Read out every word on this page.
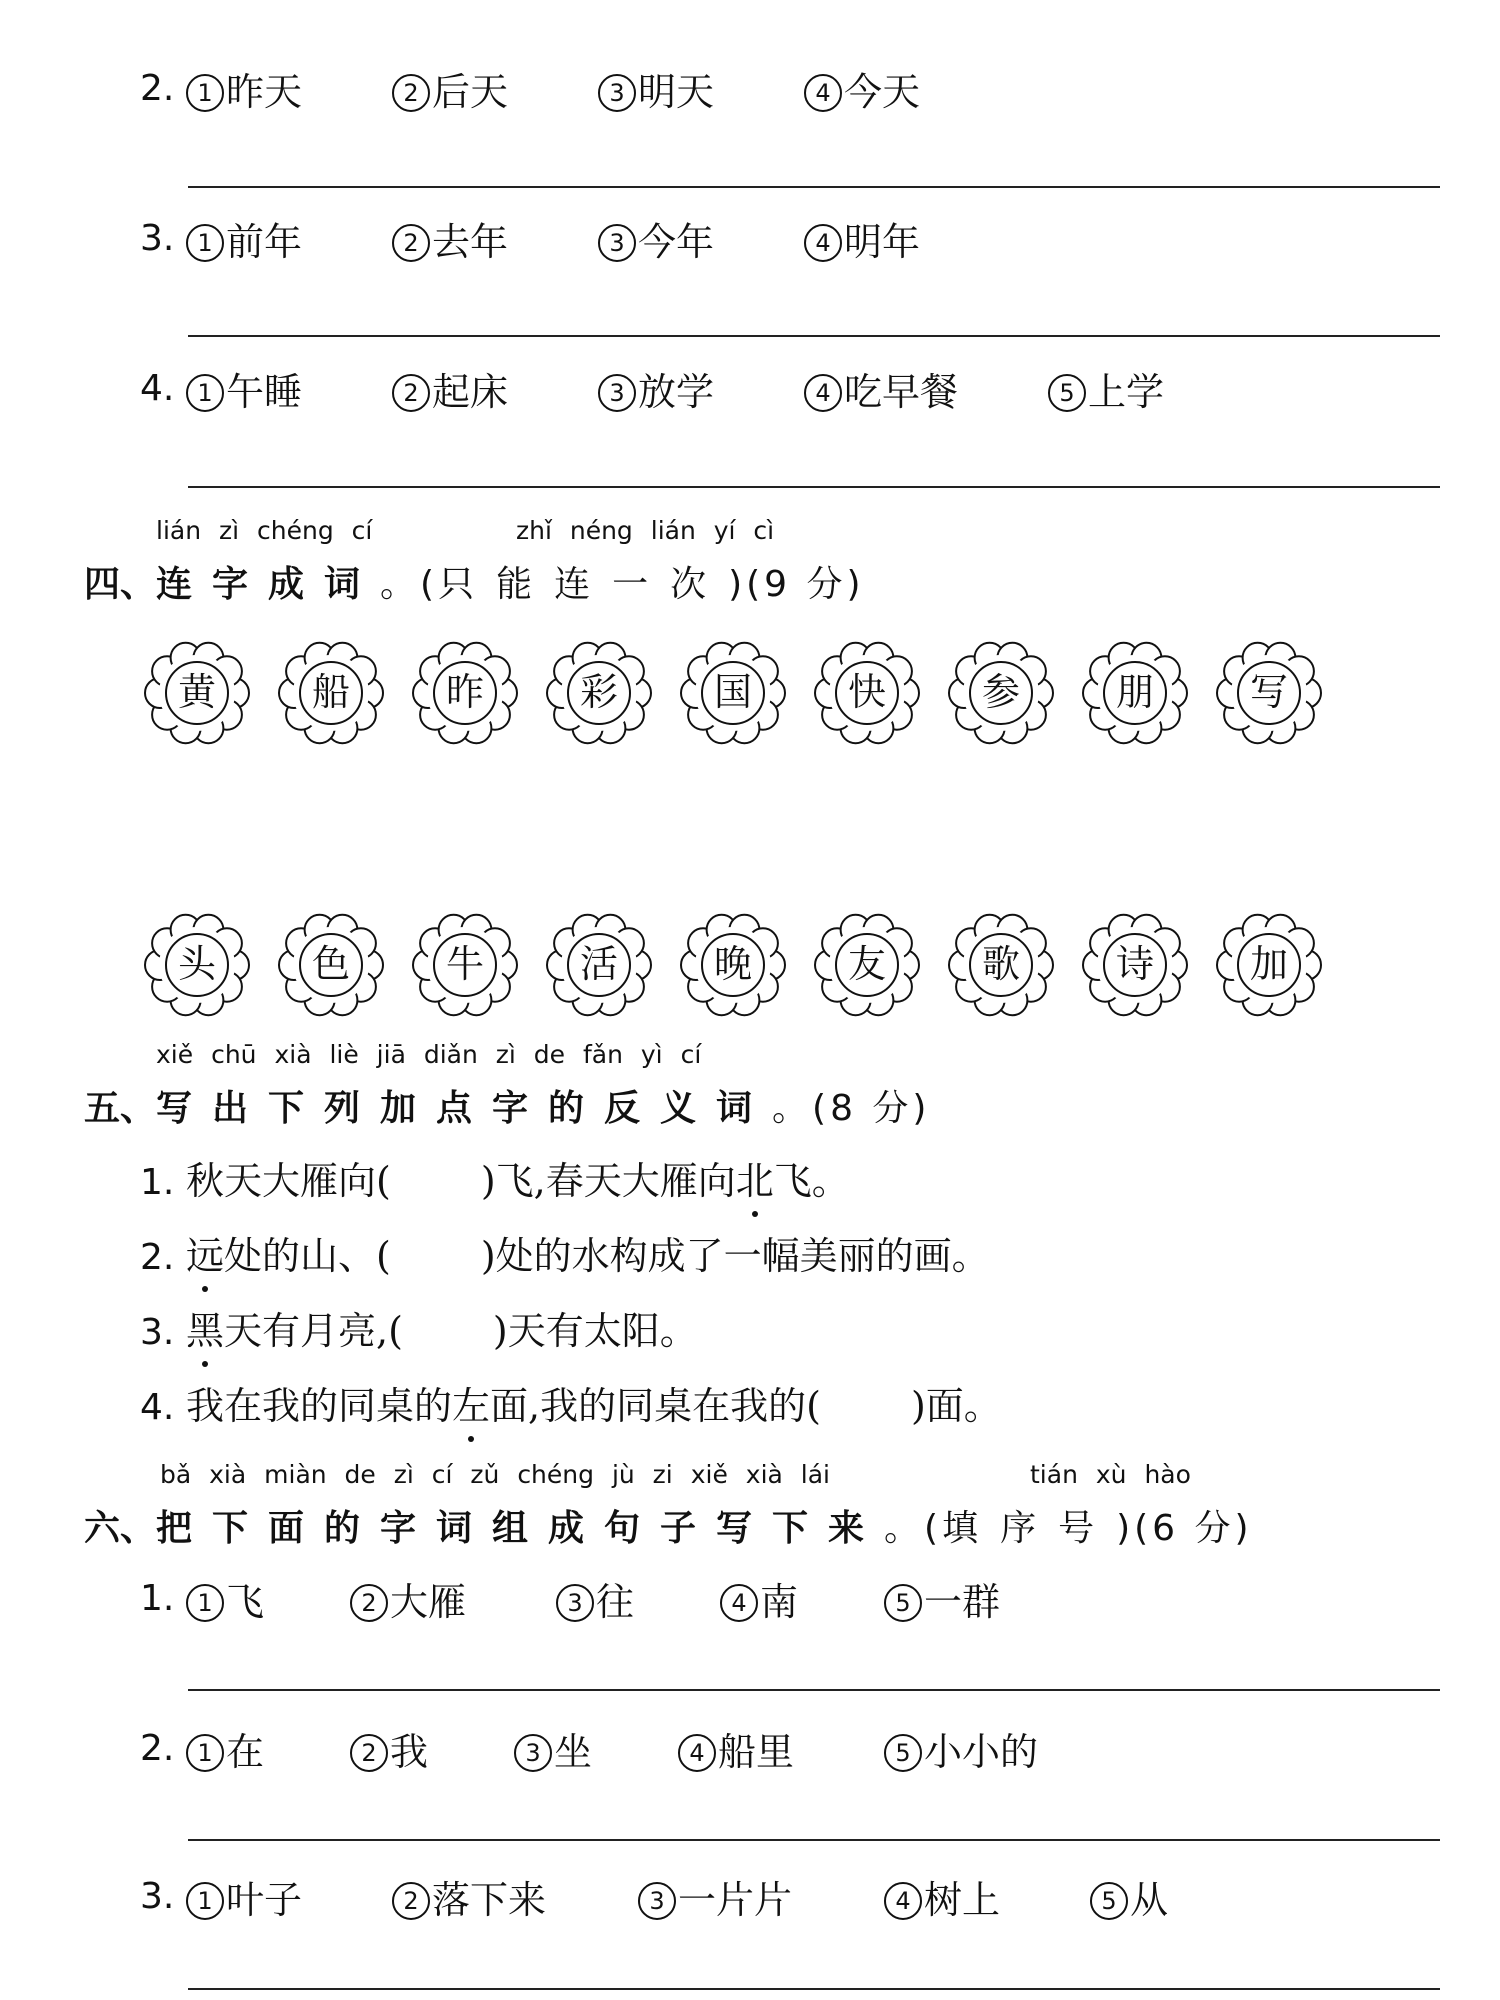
2. 1 昨天	2 后天	3 明天	4 今天
3. 1 前年	2 去年	3 今年	4 明年
4. 1 午睡	2 起床	3 放学	4 吃早餐	5 上学
lián zì chéng cí	zhǐ néng lián yí cì
四、连字成词。(只能连一次)(9 分)
黄	船	昨	彩	国	快	参	朋	写
头	色	牛	活	晚	友	歌	诗	加
xiě chū xià liè jiā diǎn zì de fǎn yì cí
五、写出下列加点字的反义词。(8 分)
1. 秋天大雁向( )飞,春天大雁向北飞。
2. 远处的山、( )处的水构成了一幅美丽的画。
3. 黑天有月亮,( )天有太阳。
4. 我在我的同桌的左面,我的同桌在我的( )面。
bǎ xià miàn de zì cí zǔ chéng jù zi xiě xià lái	tián xù hào
六、把下面的字词组成句子写下来。(填序号)(6 分)
1. 1 飞	2 大雁	3 往	4 南	5 一群
2. 1 在	2 我	3 坐	4 船里	5 小小的
3. 1 叶子	2 落下来	3 一片片	4 树上	5 从
